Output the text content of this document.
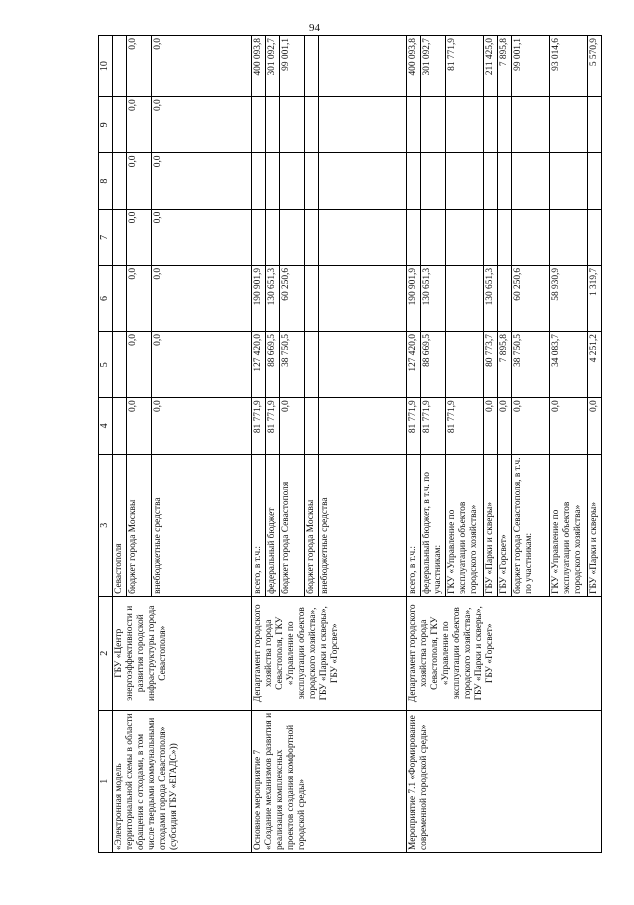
94
1	2	3	4	5	6	7	8	9	10
«Электронная модель территориальной схемы в области обращения с отходами, в том числе твердыми коммунальными отходами города Севастополя» (субсидия ГБУ «ЕГАДС»))	ГБУ «Центр энергоэффективности и развития городской инфраструктуры города Севастополя»	Севастополя							
		бюджет города Москвы	0,0	0,0	0,0	0,0	0,0	0,0	0,0
		внебюджетные средства	0,0	0,0	0,0	0,0	0,0	0,0	0,0
Основное мероприятие 7 «Создание механизмов развития и реализация комплексных проектов создания комфортной городской среды»	Департамент городского хозяйства города Севастополя, ГКУ «Управление по эксплуатации объектов городского хозяйства», ГБУ «Парки и скверы», ГБУ «Горсвет»	всего, в т.ч.:	81 771,9	127 420,0	190 901,9				400 093,8
		федеральный бюджет	81 771,9	88 669,5	130 651,3				301 092,7
		бюджет города Севастополя	0,0	38 750,5	60 250,6				99 001,1
		бюджет города Москвы							
		внебюджетные средства							
Мероприятие 7.1 «Формирование современной городской среды»	Департамент городского хозяйства города Севастополя, ГКУ «Управление по эксплуатации объектов городского хозяйства», ГБУ «Парки и скверы», ГБУ «Горсвет»	всего, в т.ч.:	81 771,9	127 420,0	190 901,9				400 093,8
		федеральный бюджет, в т.ч. по участникам:	81 771,9	88 669,5	130 651,3				301 092,7
		ГКУ «Управление по эксплуатации объектов городского хозяйства»	81 771,9						81 771,9
		ГБУ «Парки и скверы»	0,0	80 773,7	130 651,3				211 425,0
		ГБУ «Горсвет»	0,0	7 895,8					7 895,8
		бюджет города Севастополя, в т.ч. по участникам:	0,0	38 750,5	60 250,6				99 001,1
		ГКУ «Управление по эксплуатации объектов городского хозяйства»	0,0	34 083,7	58 930,9				93 014,6
		ГБУ «Парки и скверы»	0,0	4 251,2	1 319,7				5 570,9
